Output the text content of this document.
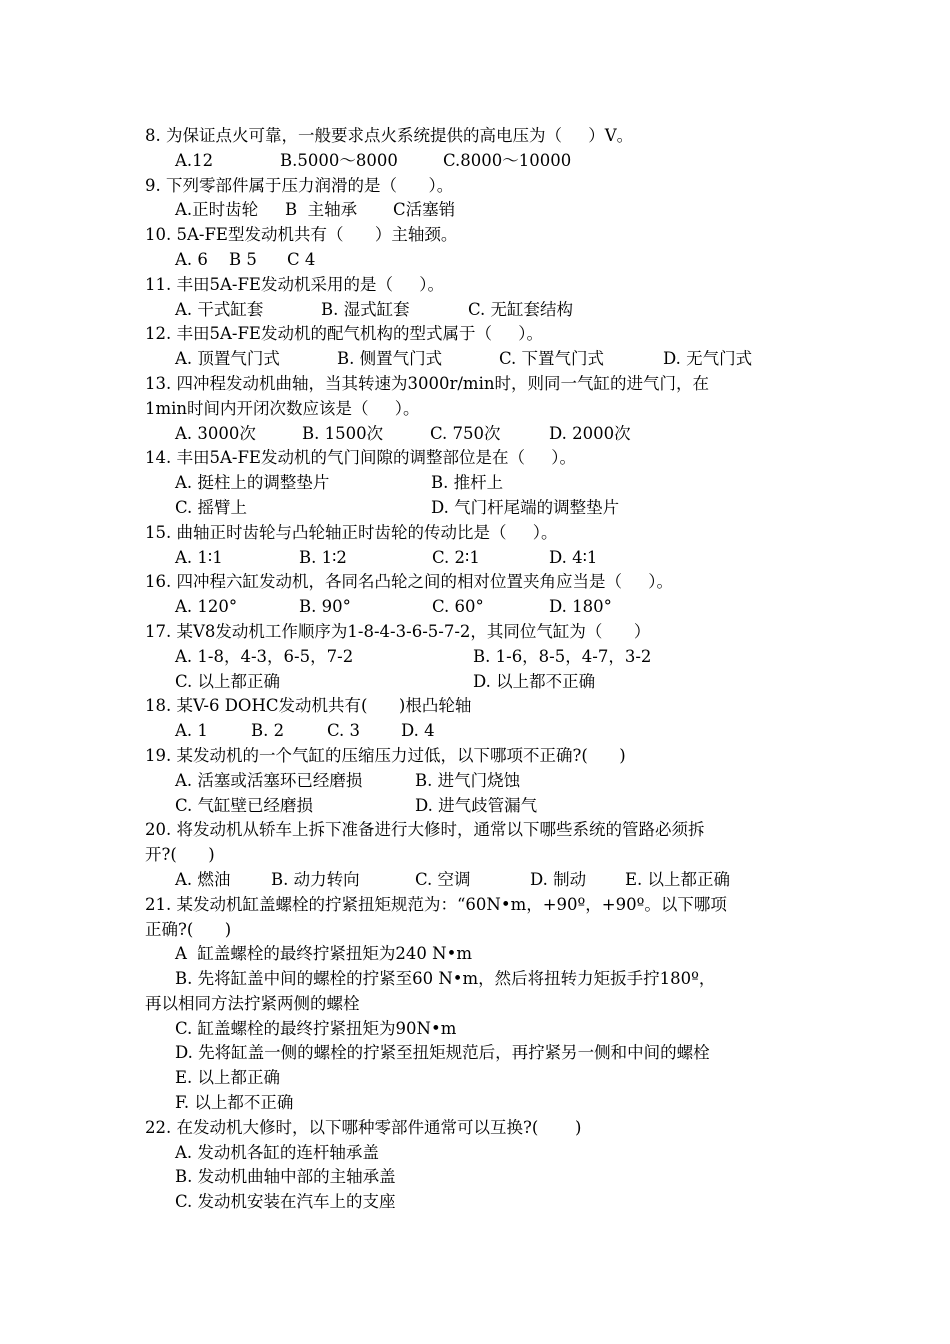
8. 为保证点火可靠，一般要求点火系统提供的高电压为（     ）V。
A.12	B.5000～8000	C.8000～10000
9. 下列零部件属于压力润滑的是（      ）。
A.正时齿轮 B  主轴承 C活塞销
10. 5A-FE型发动机共有（      ）主轴颈。
A. 6 B 5 C 4
11. 丰田5A-FE发动机采用的是（     ）。
A. 干式缸套	B. 湿式缸套	C. 无缸套结构
12. 丰田5A-FE发动机的配气机构的型式属于（     ）。
A. 顶置气门式	B. 侧置气门式	C. 下置气门式	D. 无气门式
13. 四冲程发动机曲轴，当其转速为3000r/min时，则同一气缸的进气门，在
1min时间内开闭次数应该是（     ）。
A. 3000次	B. 1500次	C. 750次	D. 2000次
14. 丰田5A-FE发动机的气门间隙的调整部位是在（     ）。
A. 挺柱上的调整垫片	B. 推杆上
C. 摇臂上	D. 气门杆尾端的调整垫片
15. 曲轴正时齿轮与凸轮轴正时齿轮的传动比是（     ）。
A. 1∶1	B. 1∶2	C. 2∶1	D. 4∶1
16. 四冲程六缸发动机，各同名凸轮之间的相对位置夹角应当是（     ）。
A. 120°	B. 90°	C. 60°	D. 180°
17. 某V8发动机工作顺序为1-8-4-3-6-5-7-2，其同位气缸为（      ）
A. 1-8，4-3，6-5，7-2	B. 1-6，8-5，4-7，3-2
C. 以上都正确	D. 以上都不正确
18. 某V-6 DOHC发动机共有(      )根凸轮轴
A. 1	B. 2	C. 3 D. 4
19. 某发动机的一个气缸的压缩压力过低，以下哪项不正确?(      )
A. 活塞或活塞环已经磨损	B. 进气门烧蚀
C. 气缸壁已经磨损	D. 进气歧管漏气
20. 将发动机从轿车上拆下准备进行大修时，通常以下哪些系统的管路必须拆
开?(      )
A. 燃油 B. 动力转向	C. 空调	D. 制动 E. 以上都正确
21. 某发动机缸盖螺栓的拧紧扭矩规范为：“60N•m，+90º，+90º。以下哪项
正确?(      )
A  缸盖螺栓的最终拧紧扭矩为240 N•m
B. 先将缸盖中间的螺栓的拧紧至60 N•m，然后将扭转力矩扳手拧180º，
再以相同方法拧紧两侧的螺栓
C. 缸盖螺栓的最终拧紧扭矩为90N•m
D. 先将缸盖一侧的螺栓的拧紧至扭矩规范后，再拧紧另一侧和中间的螺栓
E. 以上都正确
F. 以上都不正确
22. 在发动机大修时，以下哪种零部件通常可以互换?(       )
A. 发动机各缸的连杆轴承盖
B. 发动机曲轴中部的主轴承盖
C. 发动机安装在汽车上的支座
